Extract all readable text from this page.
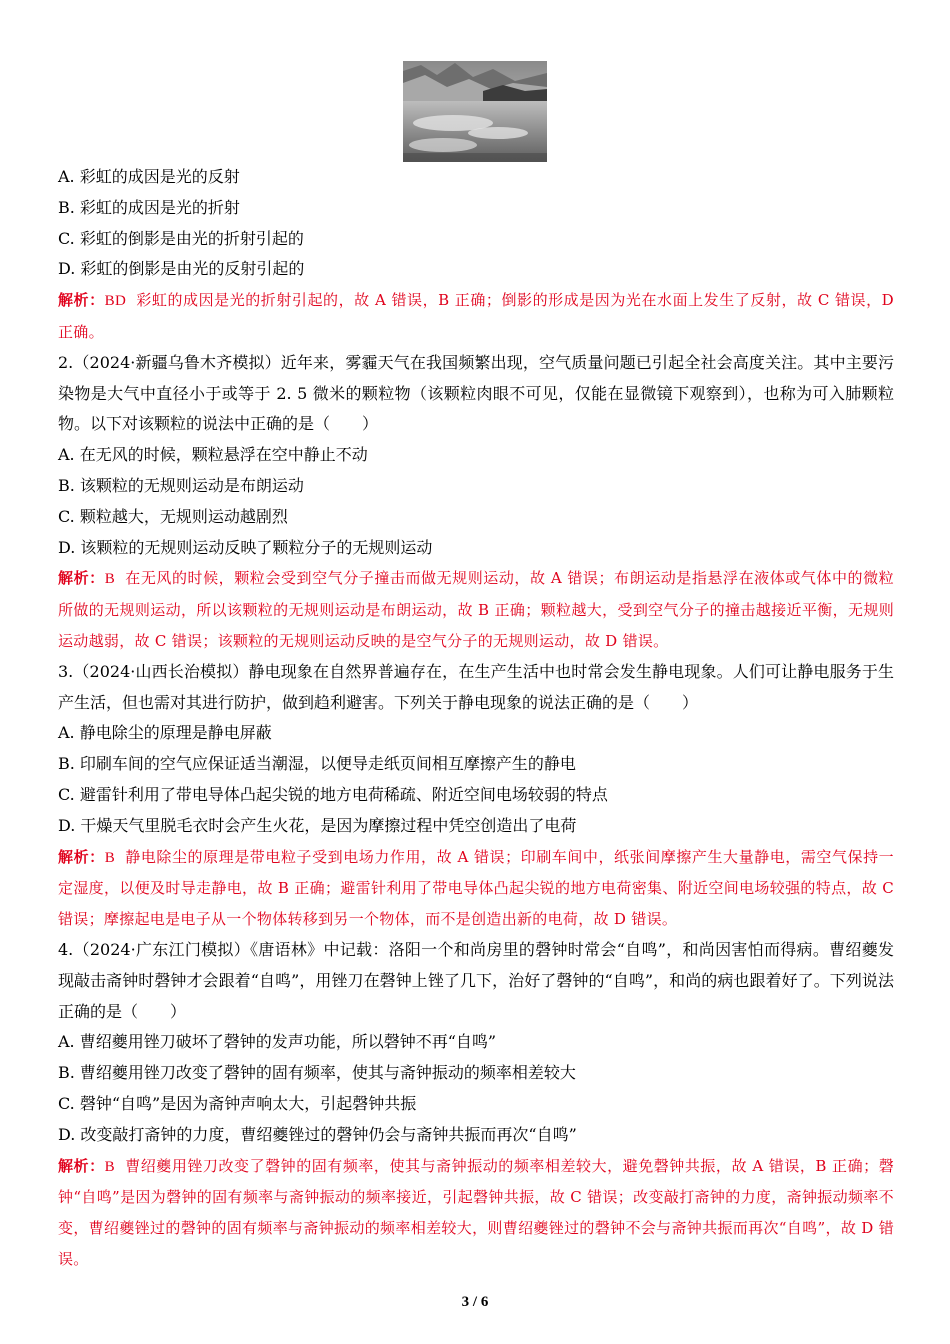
A. 彩虹的成因是光的反射

B. 彩虹的成因是光的折射

C. 彩虹的倒影是由光的折射引起的

D. 彩虹的倒影是由光的反射引起的

解析：BD 彩虹的成因是光的折射引起的，故 A 错误，B 正确；倒影的形成是因为光在水面上发生了反射，故 C 错误，D 正确。

2.（2024·新疆乌鲁木齐模拟）近年来，雾霾天气在我国频繁出现，空气质量问题已引起全社会高度关注。其中主要污染物是大气中直径小于或等于 2. 5 微米的颗粒物（该颗粒肉眼不可见，仅能在显微镜下观察到），也称为可入肺颗粒物。以下对该颗粒的说法中正确的是（　　）

A. 在无风的时候，颗粒悬浮在空中静止不动

B. 该颗粒的无规则运动是布朗运动

C. 颗粒越大，无规则运动越剧烈

D. 该颗粒的无规则运动反映了颗粒分子的无规则运动

解析：B 在无风的时候，颗粒会受到空气分子撞击而做无规则运动，故 A 错误；布朗运动是指悬浮在液体或气体中的微粒所做的无规则运动，所以该颗粒的无规则运动是布朗运动，故 B 正确；颗粒越大，受到空气分子的撞击越接近平衡，无规则运动越弱，故 C 错误；该颗粒的无规则运动反映的是空气分子的无规则运动，故 D 错误。

3.（2024·山西长治模拟）静电现象在自然界普遍存在，在生产生活中也时常会发生静电现象。人们可让静电服务于生产生活，但也需对其进行防护，做到趋利避害。下列关于静电现象的说法正确的是（　　）

A. 静电除尘的原理是静电屏蔽

B. 印刷车间的空气应保证适当潮湿，以便导走纸页间相互摩擦产生的静电

C. 避雷针利用了带电导体凸起尖锐的地方电荷稀疏、附近空间电场较弱的特点

D. 干燥天气里脱毛衣时会产生火花，是因为摩擦过程中凭空创造出了电荷

解析：B 静电除尘的原理是带电粒子受到电场力作用，故 A 错误；印刷车间中，纸张间摩擦产生大量静电，需空气保持一定湿度，以便及时导走静电，故 B 正确；避雷针利用了带电导体凸起尖锐的地方电荷密集、附近空间电场较强的特点，故 C 错误；摩擦起电是电子从一个物体转移到另一个物体，而不是创造出新的电荷，故 D 错误。

4.（2024·广东江门模拟）《唐语林》中记载：洛阳一个和尚房里的磬钟时常会“自鸣”，和尚因害怕而得病。曹绍夔发现敲击斋钟时磬钟才会跟着“自鸣”，用锉刀在磬钟上锉了几下，治好了磬钟的“自鸣”，和尚的病也跟着好了。下列说法正确的是（　　）

A. 曹绍夔用锉刀破坏了磬钟的发声功能，所以磬钟不再“自鸣”

B. 曹绍夔用锉刀改变了磬钟的固有频率，使其与斋钟振动的频率相差较大

C. 磬钟“自鸣”是因为斋钟声响太大，引起磬钟共振

D. 改变敲打斋钟的力度，曹绍夔锉过的磬钟仍会与斋钟共振而再次“自鸣”

解析：B 曹绍夔用锉刀改变了磬钟的固有频率，使其与斋钟振动的频率相差较大，避免磬钟共振，故 A 错误，B 正确；磬钟“自鸣”是因为磬钟的固有频率与斋钟振动的频率接近，引起磬钟共振，故 C 错误；改变敲打斋钟的力度，斋钟振动频率不变，曹绍夔锉过的磬钟的固有频率与斋钟振动的频率相差较大，则曹绍夔锉过的磬钟不会与斋钟共振而再次“自鸣”，故 D 错误。

3 / 6
